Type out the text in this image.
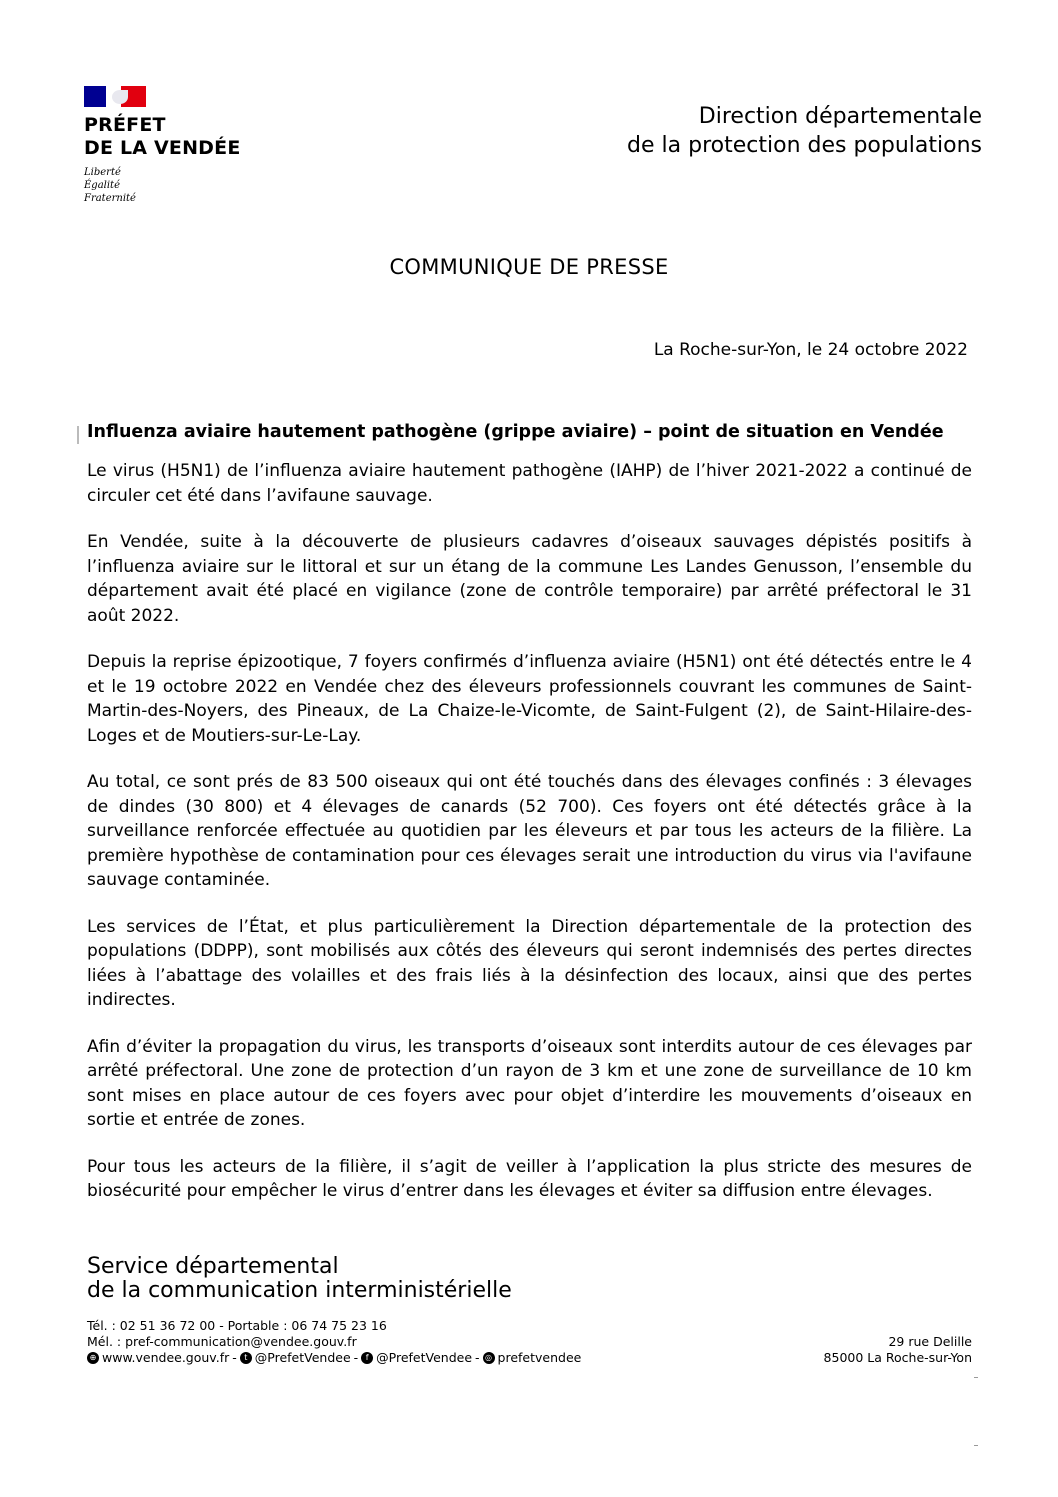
PRÉFET
DE LA VENDÉE
Liberté
Égalité
Fraternité
Direction départementale
de la protection des populations
COMMUNIQUE DE PRESSE
La Roche-sur-Yon, le 24 octobre 2022
Influenza aviaire hautement pathogène (grippe aviaire) – point de situation en Vendée

Le virus (H5N1) de l’influenza aviaire hautement pathogène (IAHP) de l’hiver 2021-2022 a continué de circuler cet été dans l’avifaune sauvage.

En Vendée, suite à la découverte de plusieurs cadavres d’oiseaux sauvages dépistés positifs à l’influenza aviaire sur le littoral et sur un étang de la commune Les Landes Genusson, l’ensemble du département avait été placé en vigilance (zone de contrôle temporaire) par arrêté préfectoral le 31 août 2022.

Depuis la reprise épizootique, 7 foyers confirmés d’influenza aviaire (H5N1) ont été détectés entre le 4 et le 19 octobre 2022 en Vendée chez des éleveurs professionnels couvrant les communes de Saint-Martin-des-Noyers, des Pineaux, de La Chaize-le-Vicomte, de Saint-Fulgent (2), de Saint-Hilaire-des-Loges et de Moutiers-sur-Le-Lay.

Au total, ce sont prés de 83 500 oiseaux qui ont été touchés dans des élevages confinés : 3 élevages de dindes (30 800) et 4 élevages de canards (52 700). Ces foyers ont été détectés grâce à la surveillance renforcée effectuée au quotidien par les éleveurs et par tous les acteurs de la filière. La première hypothèse de contamination pour ces élevages serait une introduction du virus via l'avifaune sauvage contaminée.

Les services de l’État, et plus particulièrement la Direction départementale de la protection des populations (DDPP), sont mobilisés aux côtés des éleveurs qui seront indemnisés des pertes directes liées à l’abattage des volailles et des frais liés à la désinfection des locaux, ainsi que des pertes indirectes.

Afin d’éviter la propagation du virus, les transports d’oiseaux sont interdits autour de ces élevages par arrêté préfectoral. Une zone de protection d’un rayon de 3 km et une zone de surveillance de 10 km sont mises en place autour de ces foyers avec pour objet d’interdire les mouvements d’oiseaux en sortie et entrée de zones.

Pour tous les acteurs de la filière, il s’agit de veiller à l’application la plus stricte des mesures de biosécurité pour empêcher le virus d’entrer dans les élevages et éviter sa diffusion entre élevages.

Service départemental
de la communication interministérielle
Tél. : 02 51 36 72 00 - Portable : 06 74 75 23 16
Mél. : pref-communication@vendee.gouv.fr
⊕ www.vendee.gouv.fr - t @PrefetVendee - f @PrefetVendee - ◎ prefetvendee
29 rue Delille
85000 La Roche-sur-Yon
